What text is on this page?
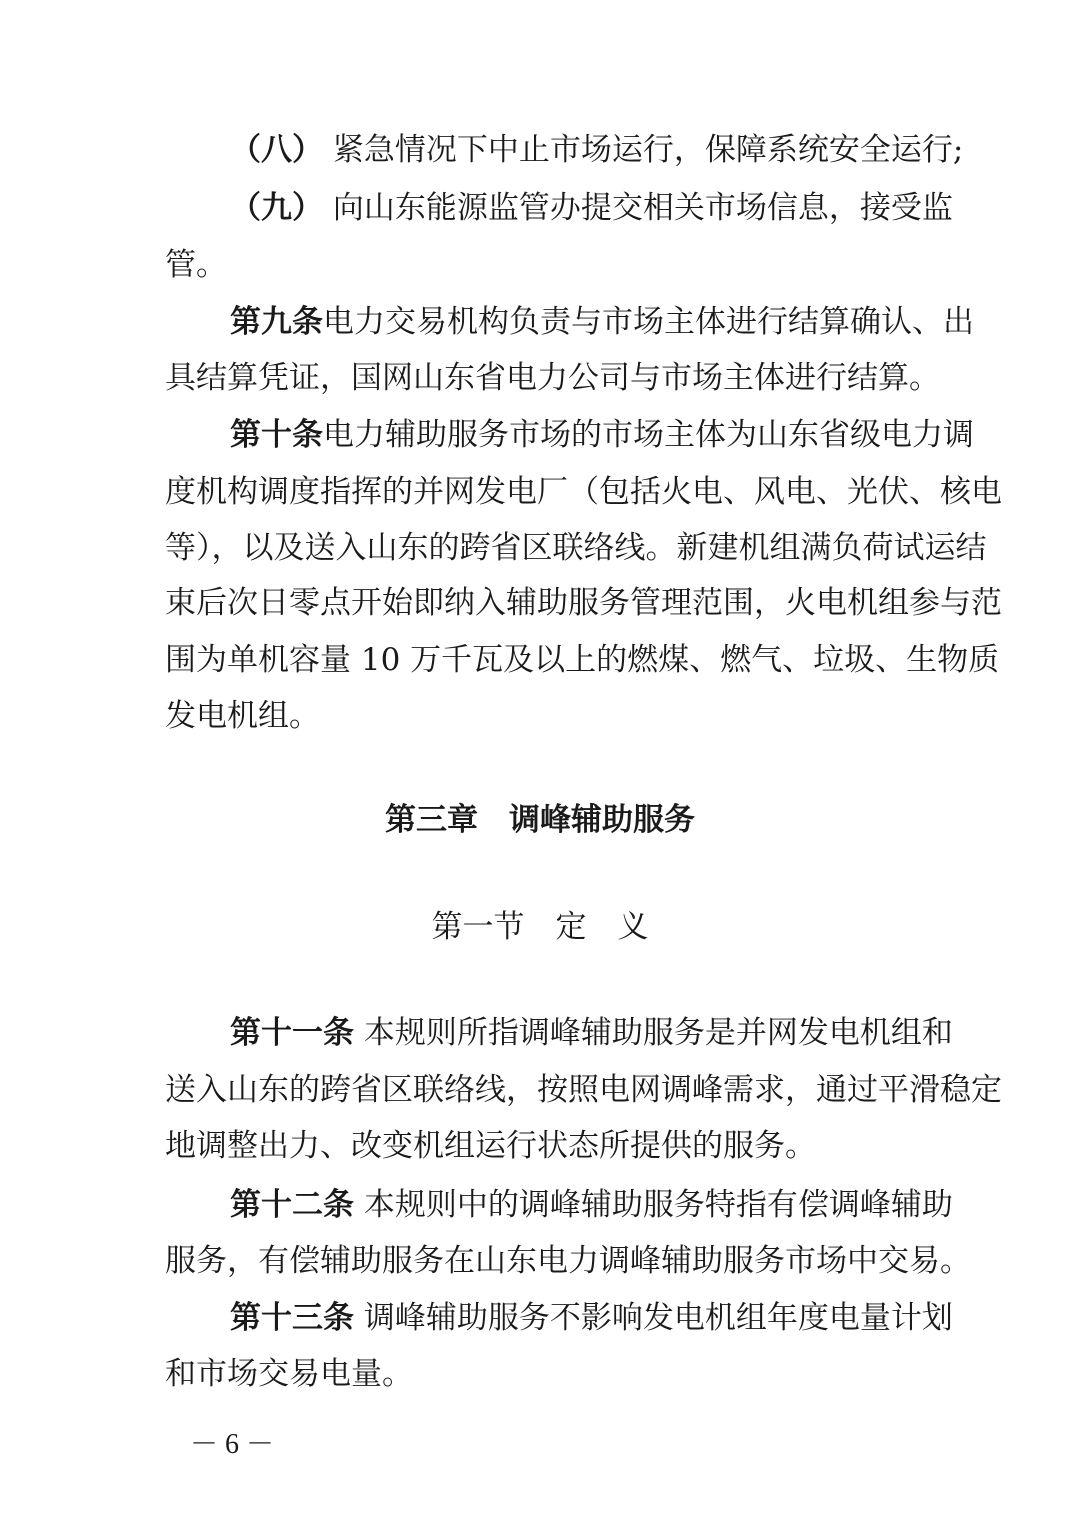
（八） 紧急情况下中止市场运行，保障系统安全运行;
（九） 向山东能源监管办提交相关市场信息，接受监
管。
第九条电力交易机构负责与市场主体进行结算确认、出
具结算凭证，国网山东省电力公司与市场主体进行结算。
第十条电力辅助服务市场的市场主体为山东省级电力调
度机构调度指挥的并网发电厂（包括火电、风电、光伏、核电
等），以及送入山东的跨省区联络线。新建机组满负荷试运结
束后次日零点开始即纳入辅助服务管理范围，火电机组参与范
围为单机容量 10 万千瓦及以上的燃煤、燃气、垃圾、生物质
发电机组。
第三章　调峰辅助服务
第一节　定　义
第十一条 本规则所指调峰辅助服务是并网发电机组和
送入山东的跨省区联络线，按照电网调峰需求，通过平滑稳定
地调整出力、改变机组运行状态所提供的服务。
第十二条 本规则中的调峰辅助服务特指有偿调峰辅助
服务，有偿辅助服务在山东电力调峰辅助服务市场中交易。
第十三条 调峰辅助服务不影响发电机组年度电量计划
和市场交易电量。
－ 6 －
